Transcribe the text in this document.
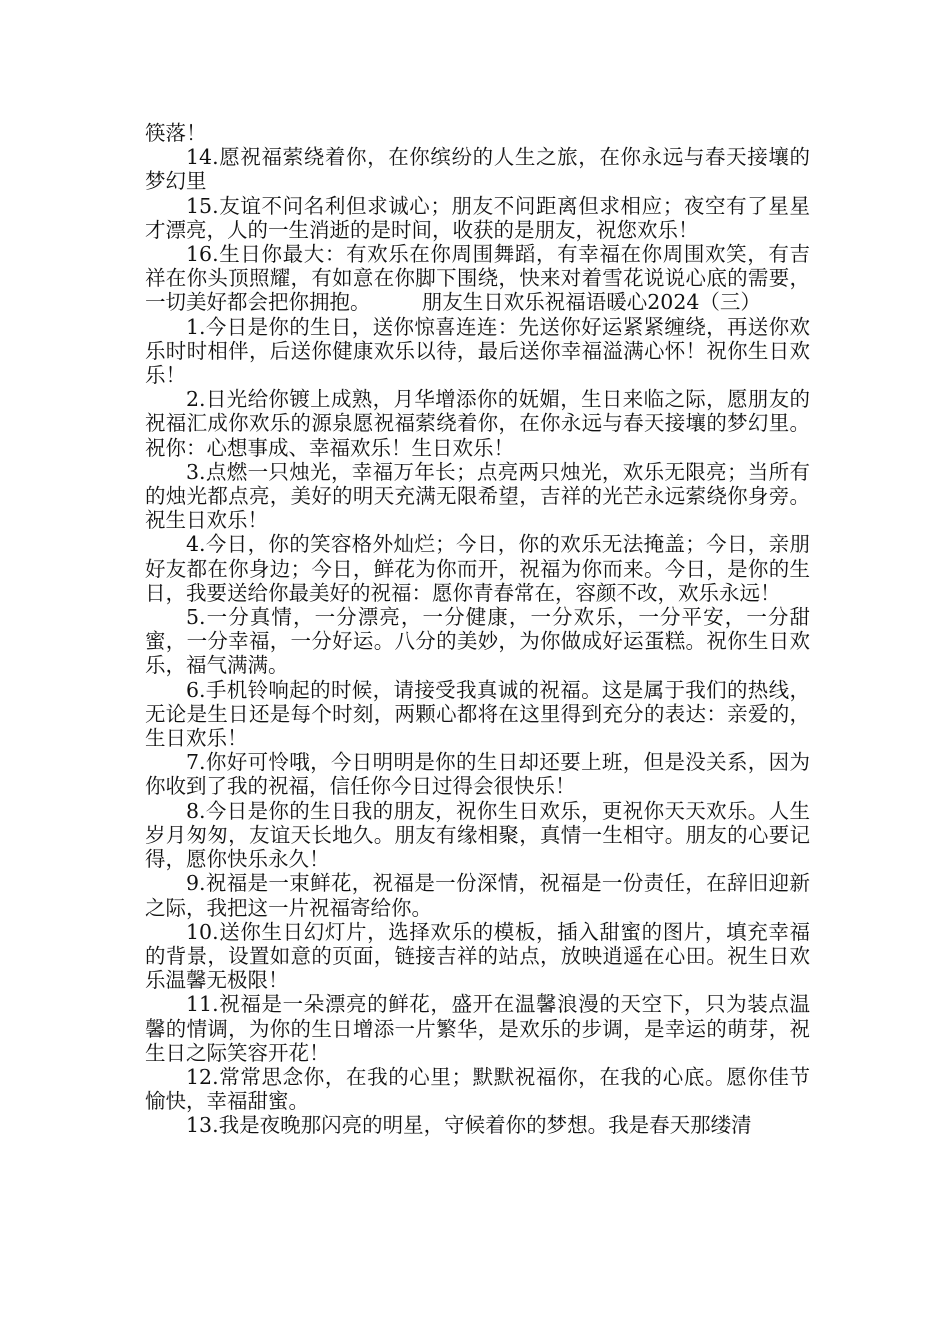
筷落！

14.愿祝福萦绕着你，在你缤纷的人生之旅，在你永远与春天接壤的梦幻里

15.友谊不问名利但求诚心；朋友不问距离但求相应；夜空有了星星才漂亮，人的一生消逝的是时间，收获的是朋友，祝您欢乐！

16.生日你最大：有欢乐在你周围舞蹈，有幸福在你周围欢笑，有吉祥在你头顶照耀，有如意在你脚下围绕，快来对着雪花说说心底的需要，一切美好都会把你拥抱。　　　	朋友生日欢乐祝福语暖心2024（三）

1.今日是你的生日，送你惊喜连连：先送你好运紧紧缠绕，再送你欢乐时时相伴，后送你健康欢乐以待，最后送你幸福溢满心怀！祝你生日欢乐！

2.日光给你镀上成熟，月华增添你的妩媚，生日来临之际，愿朋友的祝福汇成你欢乐的源泉愿祝福萦绕着你，在你永远与春天接壤的梦幻里。祝你：心想事成、幸福欢乐！生日欢乐！

3.点燃一只烛光，幸福万年长；点亮两只烛光，欢乐无限亮；当所有的烛光都点亮，美好的明天充满无限希望，吉祥的光芒永远萦绕你身旁。祝生日欢乐！

4.今日，你的笑容格外灿烂；今日，你的欢乐无法掩盖；今日，亲朋好友都在你身边；今日，鲜花为你而开，祝福为你而来。今日，是你的生日，我要送给你最美好的祝福：愿你青春常在，容颜不改，欢乐永远！

5.一分真情，一分漂亮，一分健康，一分欢乐，一分平安，一分甜蜜，一分幸福，一分好运。八分的美妙，为你做成好运蛋糕。祝你生日欢乐，福气满满。

6.手机铃响起的时候，请接受我真诚的祝福。这是属于我们的热线，无论是生日还是每个时刻，两颗心都将在这里得到充分的表达：亲爱的，生日欢乐！

7.你好可怜哦，今日明明是你的生日却还要上班，但是没关系，因为你收到了我的祝福，信任你今日过得会很快乐！

8.今日是你的生日我的朋友，祝你生日欢乐，更祝你天天欢乐。人生岁月匆匆，友谊天长地久。朋友有缘相聚，真情一生相守。朋友的心要记得，愿你快乐永久！

9.祝福是一束鲜花，祝福是一份深情，祝福是一份责任，在辞旧迎新之际，我把这一片祝福寄给你。

10.送你生日幻灯片，选择欢乐的模板，插入甜蜜的图片，填充幸福的背景，设置如意的页面，链接吉祥的站点，放映逍遥在心田。祝生日欢乐温馨无极限！

11.祝福是一朵漂亮的鲜花，盛开在温馨浪漫的天空下，只为装点温馨的情调，为你的生日增添一片繁华，是欢乐的步调，是幸运的萌芽，祝生日之际笑容开花！

12.常常思念你，在我的心里；默默祝福你，在我的心底。愿你佳节愉快，幸福甜蜜。

13.我是夜晚那闪亮的明星，守候着你的梦想。我是春天那缕清
